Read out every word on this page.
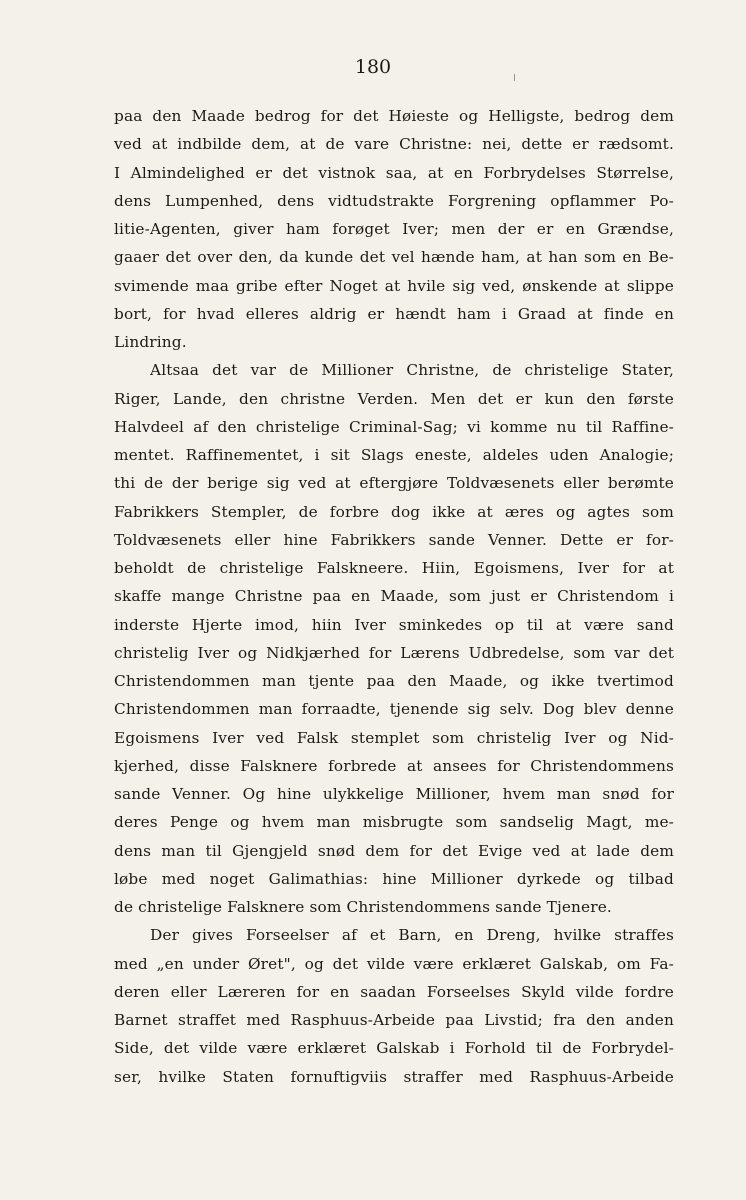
180
paa den Maade bedrog for det Høieste og Helligste, bedrog dem
ved at indbilde dem, at de vare Christne: nei, dette er rædsomt.
I Almindelighed er det vistnok saa, at en Forbrydelses Størrelse,
dens Lumpenhed, dens vidtudstrakte Forgrening opflammer Po-
litie-Agenten, giver ham forøget Iver; men der er en Grændse,
gaaer det over den, da kunde det vel hænde ham, at han som en Be-
svimende maa gribe efter Noget at hvile sig ved, ønskende at slippe
bort, for hvad elleres aldrig er hændt ham i Graad at finde en
Lindring.
Altsaa det var de Millioner Christne, de christelige Stater,
Riger, Lande, den christne Verden. Men det er kun den første
Halvdeel af den christelige Criminal-Sag; vi komme nu til Raffine-
mentet. Raffinementet, i sit Slags eneste, aldeles uden Analogie;
thi de der berige sig ved at eftergjøre Toldvæsenets eller berømte
Fabrikkers Stempler, de forbre dog ikke at æres og agtes som
Toldvæsenets eller hine Fabrikkers sande Venner. Dette er for-
beholdt de christelige Falskneere. Hiin, Egoismens, Iver for at
skaffe mange Christne paa en Maade, som just er Christendom i
inderste Hjerte imod, hiin Iver sminkedes op til at være sand
christelig Iver og Nidkjærhed for Lærens Udbredelse, som var det
Christendommen man tjente paa den Maade, og ikke tvertimod
Christendommen man forraadte, tjenende sig selv. Dog blev denne
Egoismens Iver ved Falsk stemplet som christelig Iver og Nid-
kjerhed, disse Falsknere forbrede at ansees for Christendommens
sande Venner. Og hine ulykkelige Millioner, hvem man snød for
deres Penge og hvem man misbrugte som sandselig Magt, me-
dens man til Gjengjeld snød dem for det Evige ved at lade dem
løbe med noget Galimathias: hine Millioner dyrkede og tilbad
de christelige Falsknere som Christendommens sande Tjenere.
Der gives Forseelser af et Barn, en Dreng, hvilke straffes
med „en under Øret", og det vilde være erklæret Galskab, om Fa-
deren eller Læreren for en saadan Forseelses Skyld vilde fordre
Barnet straffet med Rasphuus-Arbeide paa Livstid; fra den anden
Side, det vilde være erklæret Galskab i Forhold til de Forbrydel-
ser, hvilke Staten fornuftigviis straffer med Rasphuus-Arbeide
